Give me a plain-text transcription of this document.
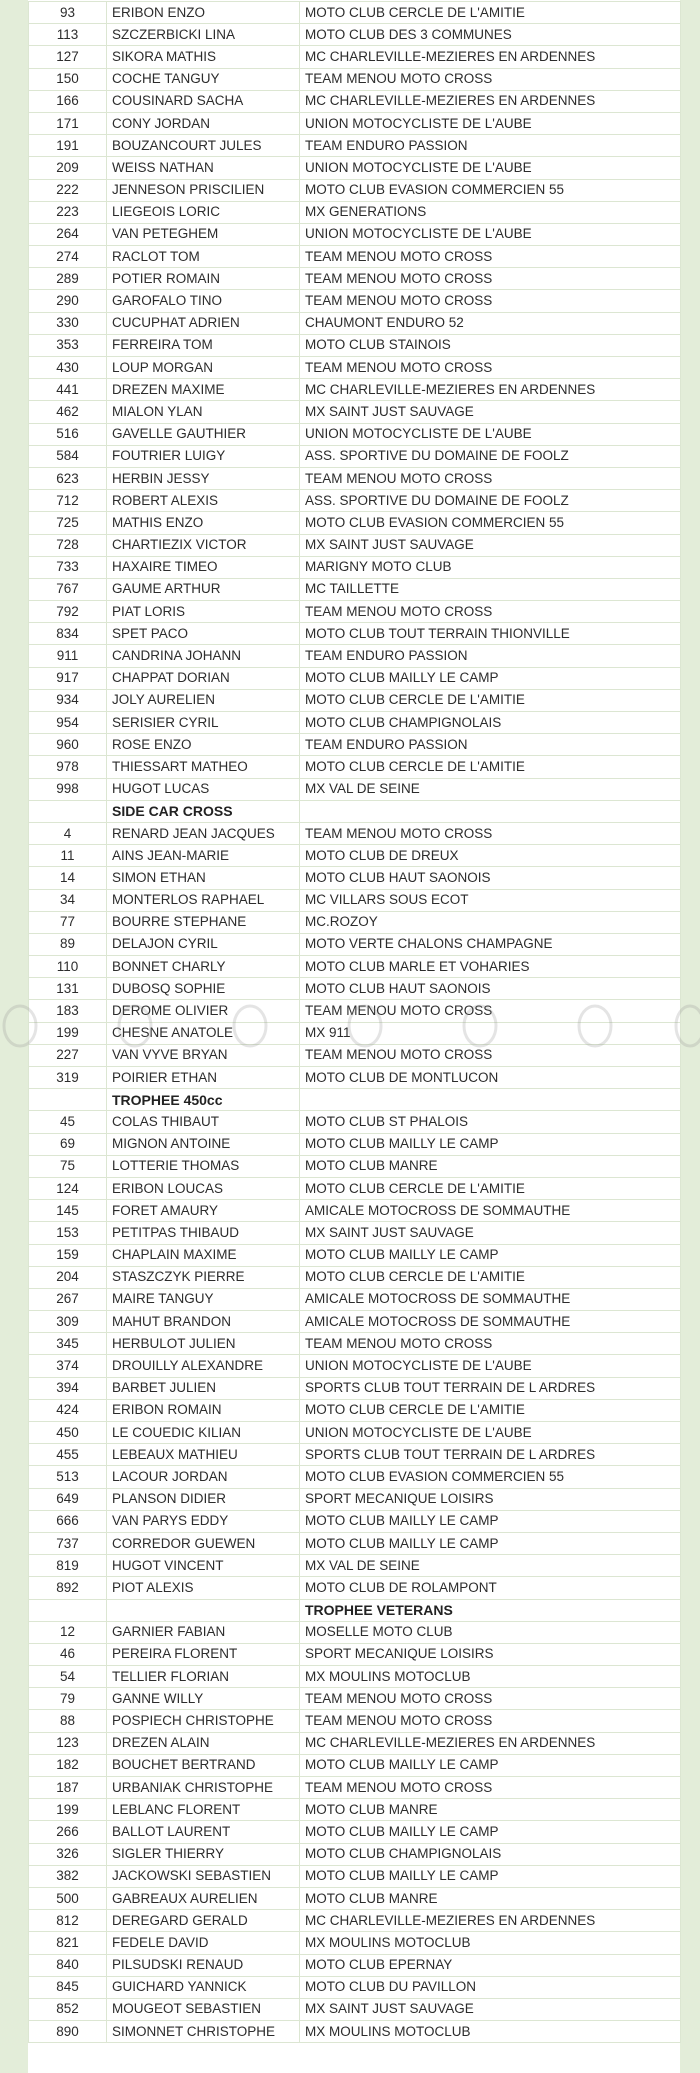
93	ERIBON ENZO	MOTO CLUB CERCLE DE L'AMITIE
113	SZCZERBICKI LINA	MOTO CLUB DES 3 COMMUNES
127	SIKORA MATHIS	MC CHARLEVILLE-MEZIERES EN ARDENNES
150	COCHE TANGUY	TEAM MENOU MOTO CROSS
166	COUSINARD SACHA	MC CHARLEVILLE-MEZIERES EN ARDENNES
171	CONY JORDAN	UNION MOTOCYCLISTE DE L'AUBE
191	BOUZANCOURT JULES	TEAM ENDURO PASSION
209	WEISS NATHAN	UNION MOTOCYCLISTE DE L'AUBE
222	JENNESON PRISCILIEN	MOTO CLUB EVASION COMMERCIEN 55
223	LIEGEOIS LORIC	MX GENERATIONS
264	VAN PETEGHEM	UNION MOTOCYCLISTE DE L'AUBE
274	RACLOT TOM	TEAM MENOU MOTO CROSS
289	POTIER ROMAIN	TEAM MENOU MOTO CROSS
290	GAROFALO TINO	TEAM MENOU MOTO CROSS
330	CUCUPHAT ADRIEN	CHAUMONT ENDURO 52
353	FERREIRA TOM	MOTO CLUB STAINOIS
430	LOUP MORGAN	TEAM MENOU MOTO CROSS
441	DREZEN MAXIME	MC CHARLEVILLE-MEZIERES EN ARDENNES
462	MIALON YLAN	MX SAINT JUST SAUVAGE
516	GAVELLE GAUTHIER	UNION MOTOCYCLISTE DE L'AUBE
584	FOUTRIER LUIGY	ASS. SPORTIVE DU DOMAINE DE FOOLZ
623	HERBIN JESSY	TEAM MENOU MOTO CROSS
712	ROBERT ALEXIS	ASS. SPORTIVE DU DOMAINE DE FOOLZ
725	MATHIS ENZO	MOTO CLUB EVASION COMMERCIEN 55
728	CHARTIEZIX VICTOR	MX SAINT JUST SAUVAGE
733	HAXAIRE TIMEO	MARIGNY MOTO CLUB
767	GAUME ARTHUR	MC TAILLETTE
792	PIAT LORIS	TEAM MENOU MOTO CROSS
834	SPET PACO	MOTO CLUB TOUT TERRAIN THIONVILLE
911	CANDRINA JOHANN	TEAM ENDURO PASSION
917	CHAPPAT DORIAN	MOTO CLUB MAILLY LE CAMP
934	JOLY AURELIEN	MOTO CLUB CERCLE DE L'AMITIE
954	SERISIER CYRIL	MOTO CLUB CHAMPIGNOLAIS
960	ROSE ENZO	TEAM ENDURO PASSION
978	THIESSART MATHEO	MOTO CLUB CERCLE DE L'AMITIE
998	HUGOT LUCAS	MX VAL DE SEINE
	SIDE CAR CROSS	
4	RENARD JEAN JACQUES	TEAM MENOU MOTO CROSS
11	AINS JEAN-MARIE	MOTO CLUB DE DREUX
14	SIMON ETHAN	MOTO CLUB HAUT SAONOIS
34	MONTERLOS RAPHAEL	MC VILLARS SOUS ECOT
77	BOURRE STEPHANE	MC.ROZOY
89	DELAJON CYRIL	MOTO VERTE CHALONS CHAMPAGNE
110	BONNET CHARLY	MOTO CLUB MARLE ET VOHARIES
131	DUBOSQ SOPHIE	MOTO CLUB HAUT SAONOIS
183	DEROME OLIVIER	TEAM MENOU MOTO CROSS
199	CHESNE ANATOLE	MX 911
227	VAN VYVE BRYAN	TEAM MENOU MOTO CROSS
319	POIRIER ETHAN	MOTO CLUB DE MONTLUCON
	TROPHEE 450cc	
45	COLAS THIBAUT	MOTO CLUB ST PHALOIS
69	MIGNON ANTOINE	MOTO CLUB MAILLY LE CAMP
75	LOTTERIE THOMAS	MOTO CLUB MANRE
124	ERIBON LOUCAS	MOTO CLUB CERCLE DE L'AMITIE
145	FORET AMAURY	AMICALE MOTOCROSS DE SOMMAUTHE
153	PETITPAS THIBAUD	MX SAINT JUST SAUVAGE
159	CHAPLAIN MAXIME	MOTO CLUB MAILLY LE CAMP
204	STASZCZYK PIERRE	MOTO CLUB CERCLE DE L'AMITIE
267	MAIRE TANGUY	AMICALE MOTOCROSS DE SOMMAUTHE
309	MAHUT BRANDON	AMICALE MOTOCROSS DE SOMMAUTHE
345	HERBULOT JULIEN	TEAM MENOU MOTO CROSS
374	DROUILLY ALEXANDRE	UNION MOTOCYCLISTE DE L'AUBE
394	BARBET JULIEN	SPORTS CLUB TOUT TERRAIN DE L ARDRES
424	ERIBON ROMAIN	MOTO CLUB CERCLE DE L'AMITIE
450	LE COUEDIC KILIAN	UNION MOTOCYCLISTE DE L'AUBE
455	LEBEAUX MATHIEU	SPORTS CLUB TOUT TERRAIN DE L ARDRES
513	LACOUR JORDAN	MOTO CLUB EVASION COMMERCIEN 55
649	PLANSON DIDIER	SPORT MECANIQUE LOISIRS
666	VAN PARYS EDDY	MOTO CLUB MAILLY LE CAMP
737	CORREDOR GUEWEN	MOTO CLUB MAILLY LE CAMP
819	HUGOT VINCENT	MX VAL DE SEINE
892	PIOT ALEXIS	MOTO CLUB DE ROLAMPONT
		TROPHEE VETERANS
12	GARNIER FABIAN	MOSELLE MOTO CLUB
46	PEREIRA FLORENT	SPORT MECANIQUE LOISIRS
54	TELLIER FLORIAN	MX MOULINS MOTOCLUB
79	GANNE WILLY	TEAM MENOU MOTO CROSS
88	POSPIECH CHRISTOPHE	TEAM MENOU MOTO CROSS
123	DREZEN ALAIN	MC CHARLEVILLE-MEZIERES EN ARDENNES
182	BOUCHET BERTRAND	MOTO CLUB MAILLY LE CAMP
187	URBANIAK CHRISTOPHE	TEAM MENOU MOTO CROSS
199	LEBLANC FLORENT	MOTO CLUB MANRE
266	BALLOT LAURENT	MOTO CLUB MAILLY LE CAMP
326	SIGLER THIERRY	MOTO CLUB CHAMPIGNOLAIS
382	JACKOWSKI SEBASTIEN	MOTO CLUB MAILLY LE CAMP
500	GABREAUX AURELIEN	MOTO CLUB MANRE
812	DEREGARD GERALD	MC CHARLEVILLE-MEZIERES EN ARDENNES
821	FEDELE DAVID	MX MOULINS MOTOCLUB
840	PILSUDSKI RENAUD	MOTO CLUB EPERNAY
845	GUICHARD YANNICK	MOTO CLUB DU PAVILLON
852	MOUGEOT SEBASTIEN	MX SAINT JUST SAUVAGE
890	SIMONNET CHRISTOPHE	MX MOULINS MOTOCLUB
